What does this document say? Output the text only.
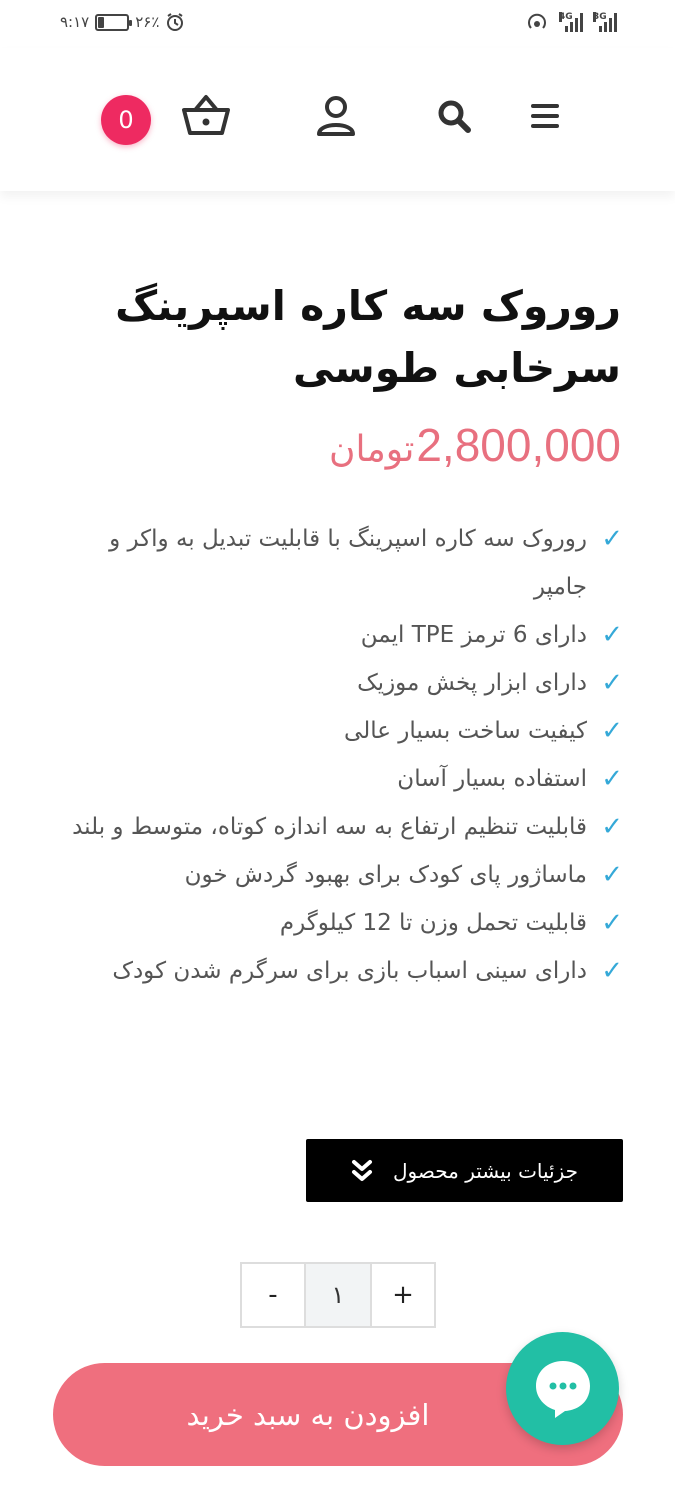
۹:۱۷	۲۶٪	4G 3G
0
روروک سه کاره اسپرینگ سرخابی طوسی
2,800,000
تومان
✓
روروک سه کاره اسپرینگ با قابلیت تبدیل به واکر و جامپر
✓
دارای 6 ترمز TPE ایمن
✓
دارای ابزار پخش موزیک
✓
کیفیت ساخت بسیار عالی
✓
استفاده بسیار آسان
✓
قابلیت تنظیم ارتفاع به سه اندازه کوتاه، متوسط و بلند
✓
ماساژور پای کودک برای بهبود گردش خون
✓
قابلیت تحمل وزن تا 12 کیلوگرم
✓
دارای سینی اسباب بازی برای سرگرم شدن کودک
جزئیات بیشتر محصول
-	۱	+
افزودن به سبد خرید
